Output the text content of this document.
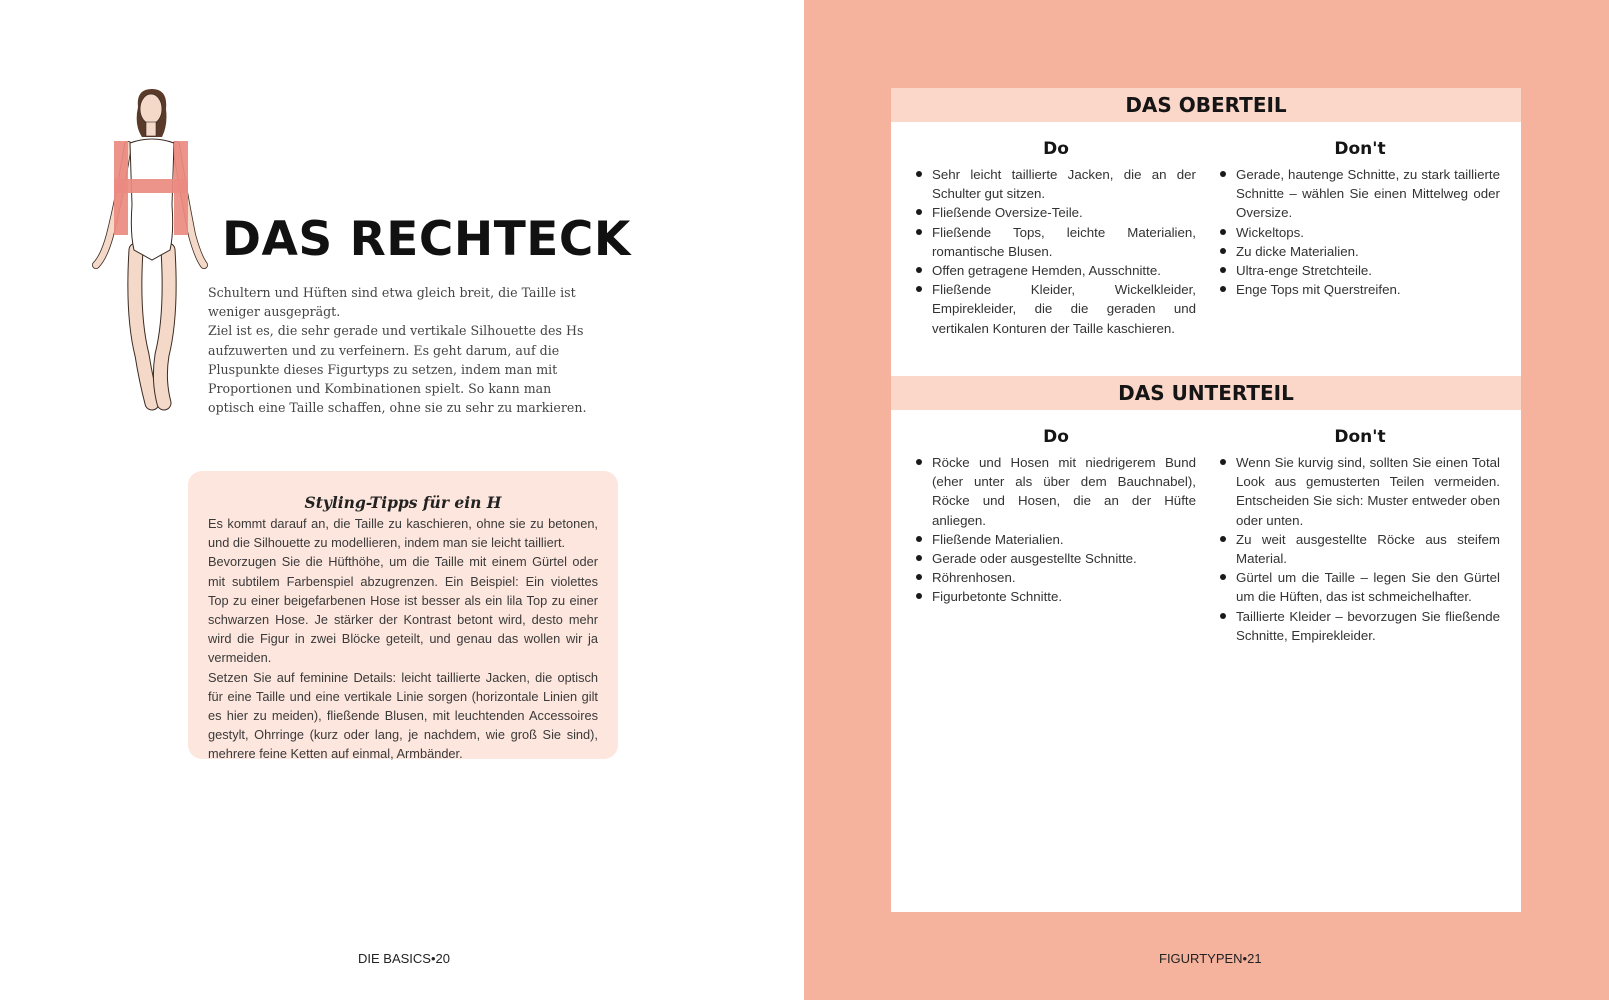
DAS RECHTECK

Schultern und Hüften sind etwa gleich breit, die Taille ist weniger ausgeprägt.

Ziel ist es, die sehr gerade und vertikale Silhouette des Hs aufzuwerten und zu verfeinern. Es geht darum, auf die Pluspunkte dieses Figurtyps zu setzen, indem man mit Proportionen und Kombinationen spielt. So kann man optisch eine Taille schaffen, ohne sie zu sehr zu markieren.

Styling-Tipps für ein H

Es kommt darauf an, die Taille zu kaschieren, ohne sie zu betonen, und die Silhouette zu modellieren, indem man sie leicht tailliert.

Bevorzugen Sie die Hüfthöhe, um die Taille mit einem Gürtel oder mit subtilem Farbenspiel abzugrenzen. Ein Beispiel: Ein violettes Top zu einer beigefarbenen Hose ist besser als ein lila Top zu einer schwarzen Hose. Je stärker der Kontrast betont wird, desto mehr wird die Figur in zwei Blöcke geteilt, und genau das wollen wir ja vermeiden.

Setzen Sie auf feminine Details: leicht taillierte Jacken, die optisch für eine Taille und eine vertikale Linie sorgen (horizontale Linien gilt es hier zu meiden), fließende Blusen, mit leuchtenden Accessoires gestylt, Ohrringe (kurz oder lang, je nachdem, wie groß Sie sind), mehrere feine Ketten auf einmal, Armbänder.

DIE BASICS•20
DAS OBERTEIL
Do
Sehr leicht taillierte Jacken, die an der Schulter gut sitzen.
Fließende Oversize-Teile.
Fließende Tops, leichte Materialien, romantische Blusen.
Offen getragene Hemden, Ausschnitte.
Fließende Kleider, Wickelkleider, Empirekleider, die die geraden und vertikalen Konturen der Taille kaschieren.
Don't
Gerade, hautenge Schnitte, zu stark taillierte Schnitte – wählen Sie einen Mittelweg oder Oversize.
Wickeltops.
Zu dicke Materialien.
Ultra-enge Stretchteile.
Enge Tops mit Querstreifen.
DAS UNTERTEIL
Do
Röcke und Hosen mit niedrigerem Bund (eher unter als über dem Bauchnabel), Röcke und Hosen, die an der Hüfte anliegen.
Fließende Materialien.
Gerade oder ausgestellte Schnitte.
Röhrenhosen.
Figurbetonte Schnitte.
Don't
Wenn Sie kurvig sind, sollten Sie einen Total Look aus gemusterten Teilen vermeiden. Entscheiden Sie sich: Muster entweder oben oder unten.
Zu weit ausgestellte Röcke aus steifem Material.
Gürtel um die Taille – legen Sie den Gürtel um die Hüften, das ist schmeichelhafter.
Taillierte Kleider – bevorzugen Sie fließende Schnitte, Empirekleider.
FIGURTYPEN•21
